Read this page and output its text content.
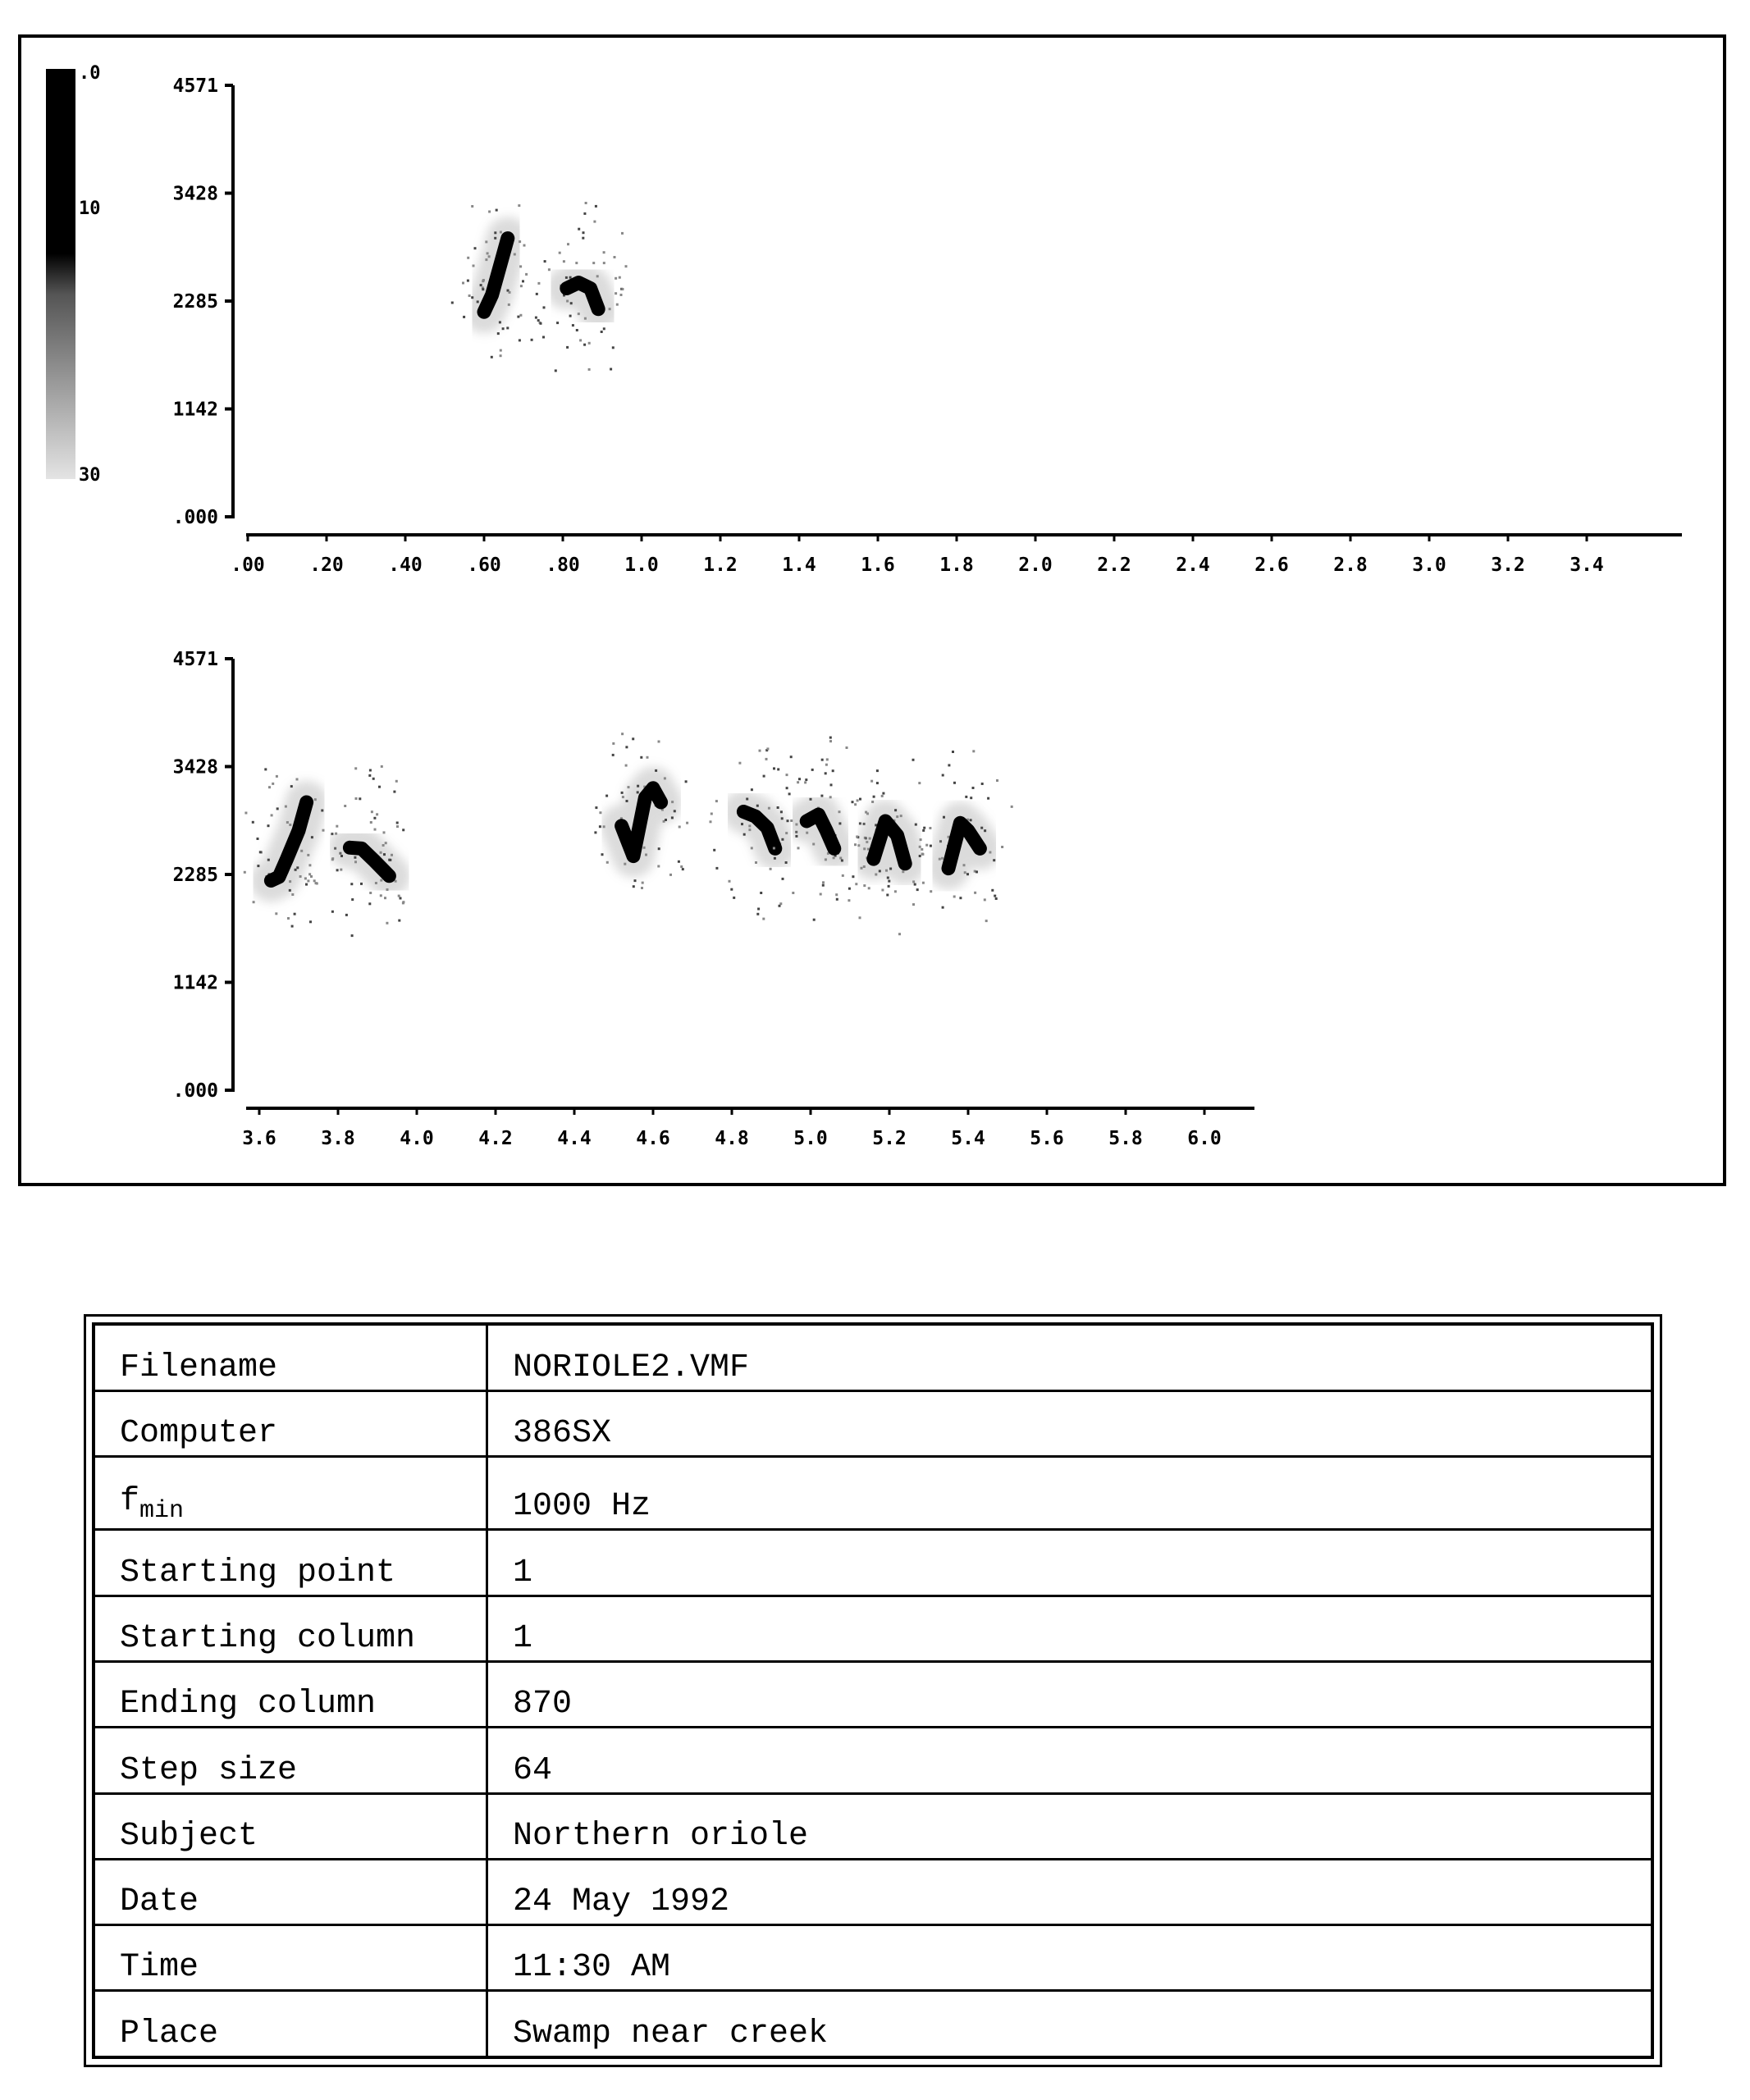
.0
10
30
.000
1142
2285
3428
4571
.00 .20 .40 .60 .80 1.0 1.2 1.4 1.6 1.8 2.0 2.2 2.4 2.6 2.8 3.0 3.2 3.4
.000
1142
2285
3428
4571
3.6 3.8 4.0 4.2 4.4 4.6 4.8 5.0 5.2 5.4 5.6 5.8 6.0
Filename	NORIOLE2.VMF
Computer	386SX
$f_{min}$	1000 Hz
Starting point	1
Starting column	1
Ending column	870
Step size	64
Subject	Northern oriole
Date	24 May 1992
Time	11:30 AM
Place	Swamp near creek
